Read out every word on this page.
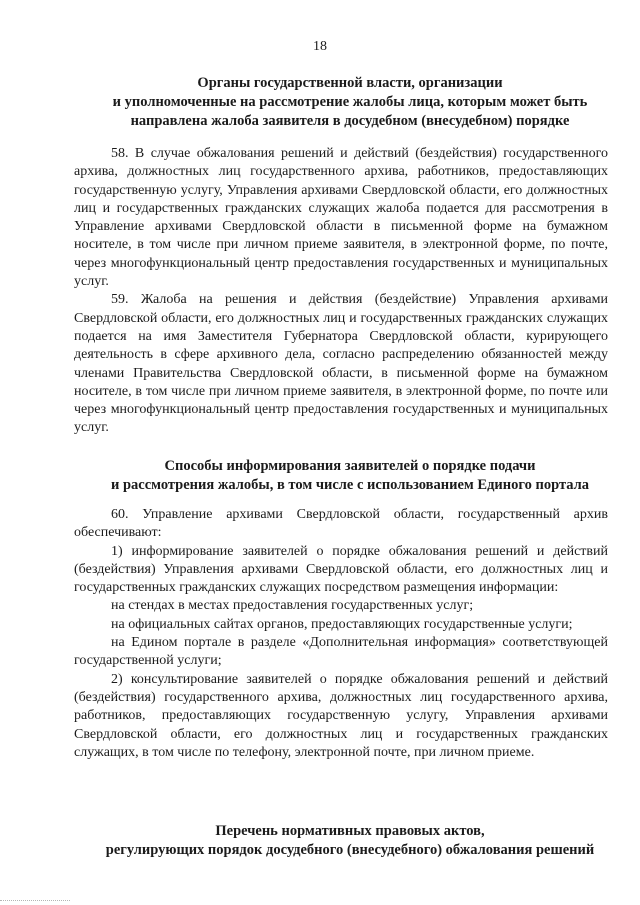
18
Органы государственной власти, организации
и уполномоченные на рассмотрение жалобы лица, которым может быть
направлена жалоба заявителя в досудебном (внесудебном) порядке

58. В случае обжалования решений и действий (бездействия) государственного архива, должностных лиц государственного архива, работников, предоставляющих государственную услугу, Управления архивами Свердловской области, его должностных лиц и государственных гражданских служащих жалоба подается для рассмотрения в Управление архивами Свердловской области в письменной форме на бумажном носителе, в том числе при личном приеме заявителя, в электронной форме, по почте, через многофункциональный центр предоставления государственных и муниципальных услуг.

59. Жалоба на решения и действия (бездействие) Управления архивами Свердловской области, его должностных лиц и государственных гражданских служащих подается на имя Заместителя Губернатора Свердловской области, курирующего деятельность в сфере архивного дела, согласно распределению обязанностей между членами Правительства Свердловской области, в письменной форме на бумажном носителе, в том числе при личном приеме заявителя, в электронной форме, по почте или через многофункциональный центр предоставления государственных и муниципальных услуг.

Способы информирования заявителей о порядке подачи
и рассмотрения жалобы, в том числе с использованием Единого портала

60. Управление архивами Свердловской области, государственный архив обеспечивают:

1) информирование заявителей о порядке обжалования решений и действий (бездействия) Управления архивами Свердловской области, его должностных лиц и государственных гражданских служащих посредством размещения информации:

на стендах в местах предоставления государственных услуг;

на официальных сайтах органов, предоставляющих государственные услуги;

на Едином портале в разделе «Дополнительная информация» соответствующей государственной услуги;

2) консультирование заявителей о порядке обжалования решений и действий (бездействия) государственного архива, должностных лиц государственного архива, работников, предоставляющих государственную услугу, Управления архивами Свердловской области, его должностных лиц и государственных гражданских служащих, в том числе по телефону, электронной почте, при личном приеме.

Перечень нормативных правовых актов,
регулирующих порядок досудебного (внесудебного) обжалования решений
